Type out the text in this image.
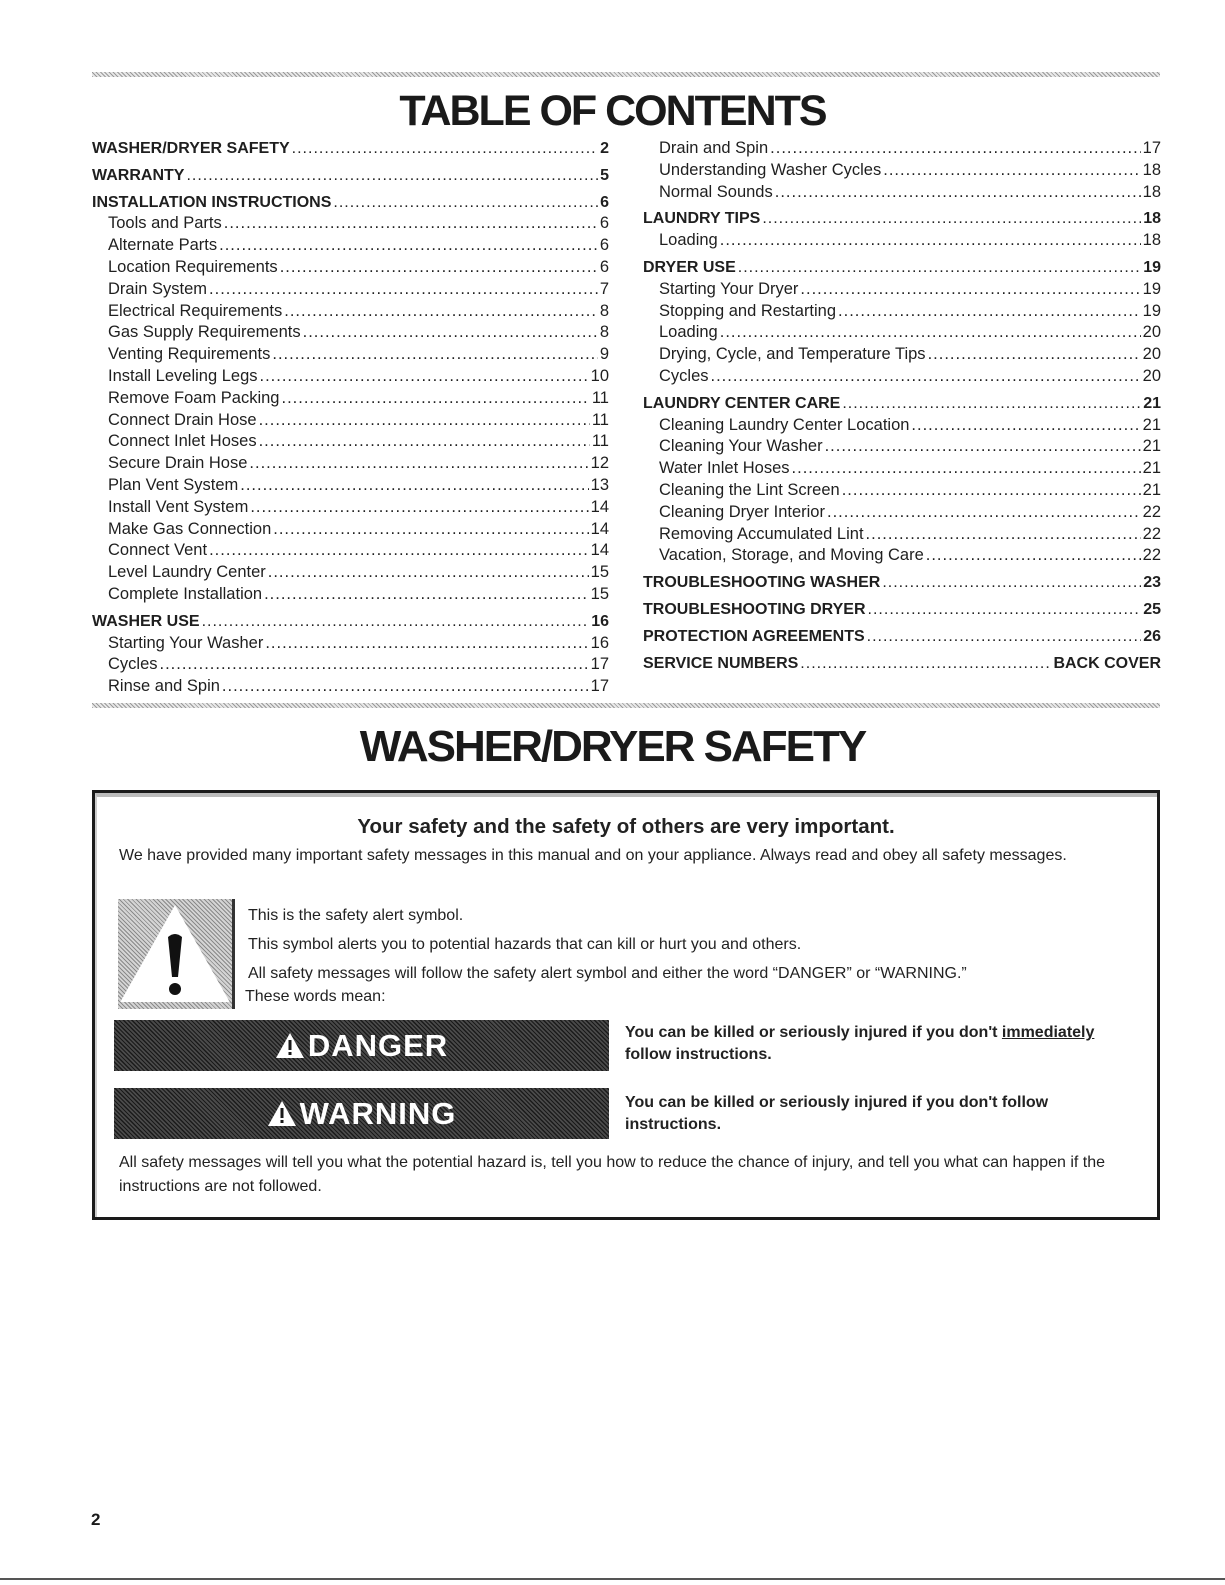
TABLE OF CONTENTS
WASHER/DRYER SAFETY .....	2
WARRANTY .....	5
INSTALLATION INSTRUCTIONS .....	6
Tools and Parts .....	6
Alternate Parts .....	6
Location Requirements .....	6
Drain System .....	7
Electrical Requirements .....	8
Gas Supply Requirements .....	8
Venting Requirements .....	9
Install Leveling Legs .....	10
Remove Foam Packing .....	11
Connect Drain Hose .....	11
Connect Inlet Hoses .....	11
Secure Drain Hose .....	12
Plan Vent System .....	13
Install Vent System .....	14
Make Gas Connection .....	14
Connect Vent .....	14
Level Laundry Center .....	15
Complete Installation .....	15
WASHER USE .....	16
Starting Your Washer .....	16
Cycles .....	17
Rinse and Spin .....	17
Drain and Spin .....	17
Understanding Washer Cycles .....	18
Normal Sounds .....	18
LAUNDRY TIPS .....	18
Loading .....	18
DRYER USE .....	19
Starting Your Dryer .....	19
Stopping and Restarting .....	19
Loading .....	20
Drying, Cycle, and Temperature Tips .....	20
Cycles .....	20
LAUNDRY CENTER CARE .....	21
Cleaning Laundry Center Location .....	21
Cleaning Your Washer .....	21
Water Inlet Hoses .....	21
Cleaning the Lint Screen .....	21
Cleaning Dryer Interior .....	22
Removing Accumulated Lint .....	22
Vacation, Storage, and Moving Care .....	22
TROUBLESHOOTING WASHER .....	23
TROUBLESHOOTING DRYER .....	25
PROTECTION AGREEMENTS .....	26
SERVICE NUMBERS .....	BACK COVER
WASHER/DRYER SAFETY
Your safety and the safety of others are very important.
We have provided many important safety messages in this manual and on your appliance. Always read and obey all safety messages.
This is the safety alert symbol.
This symbol alerts you to potential hazards that can kill or hurt you and others.
All safety messages will follow the safety alert symbol and either the word “DANGER” or “WARNING.”
These words mean:
DANGER	You can be killed or seriously injured if you don't immediately
follow instructions.
WARNING	You can be killed or seriously injured if you don't follow instructions.
All safety messages will tell you what the potential hazard is, tell you how to reduce the chance of injury, and tell you what can happen if the instructions are not followed.
2
